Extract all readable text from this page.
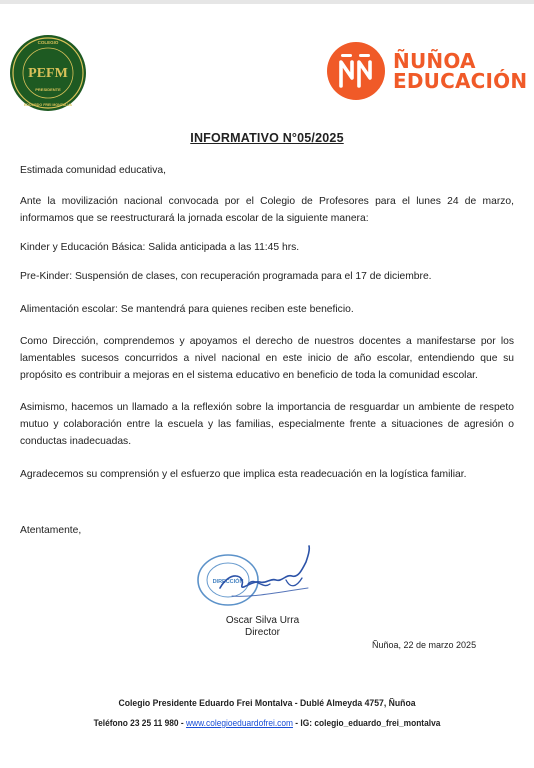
COLEGIO
PEFM
PRESIDENTE
EDUARDO FREI MONTALVA
ÑUÑOA
EDUCACIÓN
INFORMATIVO N°05/2025

Estimada comunidad educativa,

Ante la movilización nacional convocada por el Colegio de Profesores para el lunes 24 de marzo, informamos que se reestructurará la jornada escolar de la siguiente manera:

Kinder y Educación Básica: Salida anticipada a las 11:45 hrs.

Pre-Kinder: Suspensión de clases, con recuperación programada para el 17 de diciembre.

Alimentación escolar: Se mantendrá para quienes reciben este beneficio.

Como Dirección, comprendemos y apoyamos el derecho de nuestros docentes a manifestarse por los lamentables sucesos concurridos a nivel nacional en este inicio de año escolar, entendiendo que su propósito es contribuir a mejoras en el sistema educativo en beneficio de toda la comunidad escolar.

Asimismo, hacemos un llamado a la reflexión sobre la importancia de resguardar un ambiente de respeto mutuo y colaboración entre la escuela y las familias, especialmente frente a situaciones de agresión o conductas inadecuadas.

Agradecemos su comprensión y el esfuerzo que implica esta readecuación en la logística familiar.

Atentamente,
DIRECCIÓN
Oscar Silva Urra
Director
Ñuñoa, 22 de marzo 2025
Colegio Presidente Eduardo Frei Montalva - Dublé Almeyda 4757, Ñuñoa
Teléfono 23 25 11 980 - www.colegioeduardofrei.com - IG: colegio_eduardo_frei_montalva
